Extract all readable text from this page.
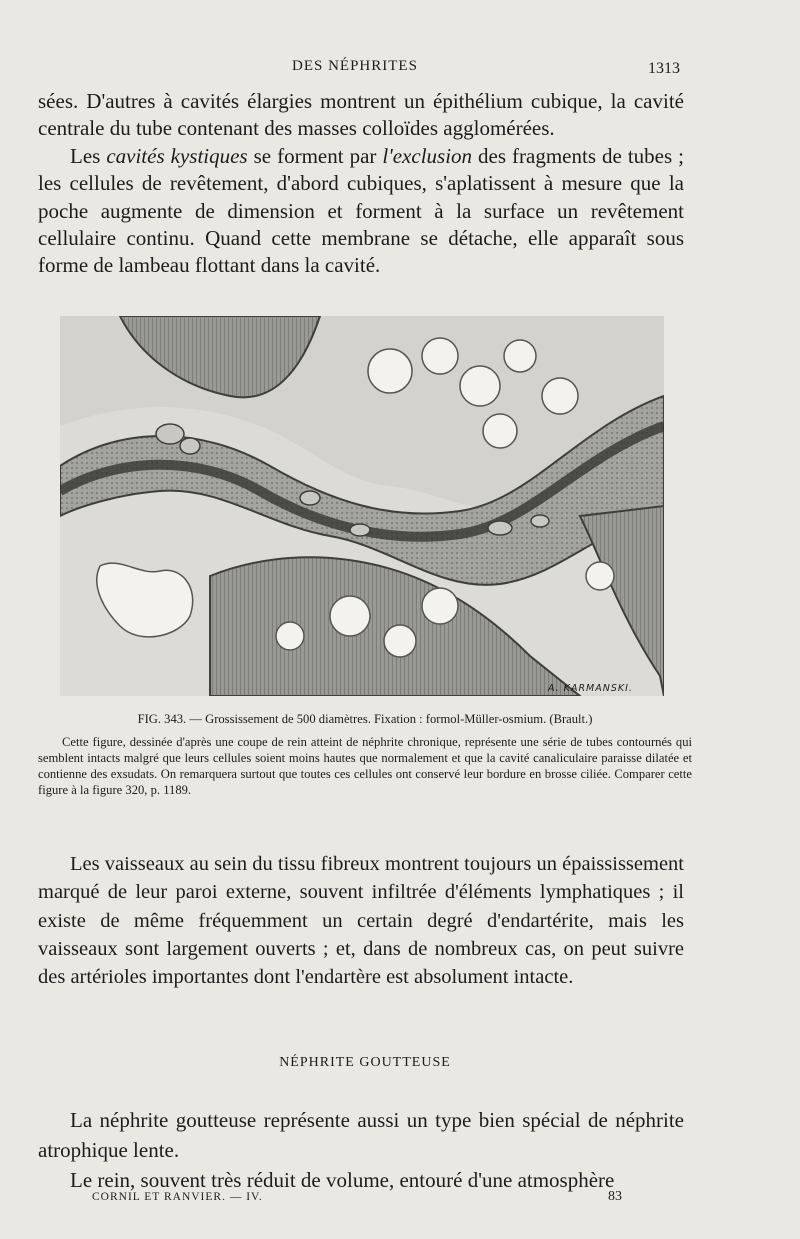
DES NÉPHRITES	1313

sées. D'autres à cavités élargies montrent un épithélium cubique, la cavité centrale du tube contenant des masses colloïdes agglomérées.

Les cavités kystiques se forment par l'exclusion des fragments de tubes ; les cellules de revêtement, d'abord cubiques, s'aplatissent à mesure que la poche augmente de dimension et forment à la surface un revêtement cellulaire continu. Quand cette membrane se détache, elle apparaît sous forme de lambeau flottant dans la cavité.

A. KARMANSKI.

FIG. 343. — Grossissement de 500 diamètres. Fixation : formol-Müller-osmium. (Brault.)

Cette figure, dessinée d'après une coupe de rein atteint de néphrite chronique, représente une série de tubes contournés qui semblent intacts malgré que leurs cellules soient moins hautes que normalement et que la cavité canaliculaire paraisse dilatée et contienne des exsudats. On remarquera surtout que toutes ces cellules ont conservé leur bordure en brosse ciliée. Comparer cette figure à la figure 320, p. 1189.

Les vaisseaux au sein du tissu fibreux montrent toujours un épaississement marqué de leur paroi externe, souvent infiltrée d'éléments lymphatiques ; il existe de même fréquemment un certain degré d'endartérite, mais les vaisseaux sont largement ouverts ; et, dans de nombreux cas, on peut suivre des artérioles importantes dont l'endartère est absolument intacte.

NÉPHRITE GOUTTEUSE

La néphrite goutteuse représente aussi un type bien spécial de néphrite atrophique lente.

Le rein, souvent très réduit de volume, entouré d'une atmosphère

CORNIL ET RANVIER. — IV.	83
